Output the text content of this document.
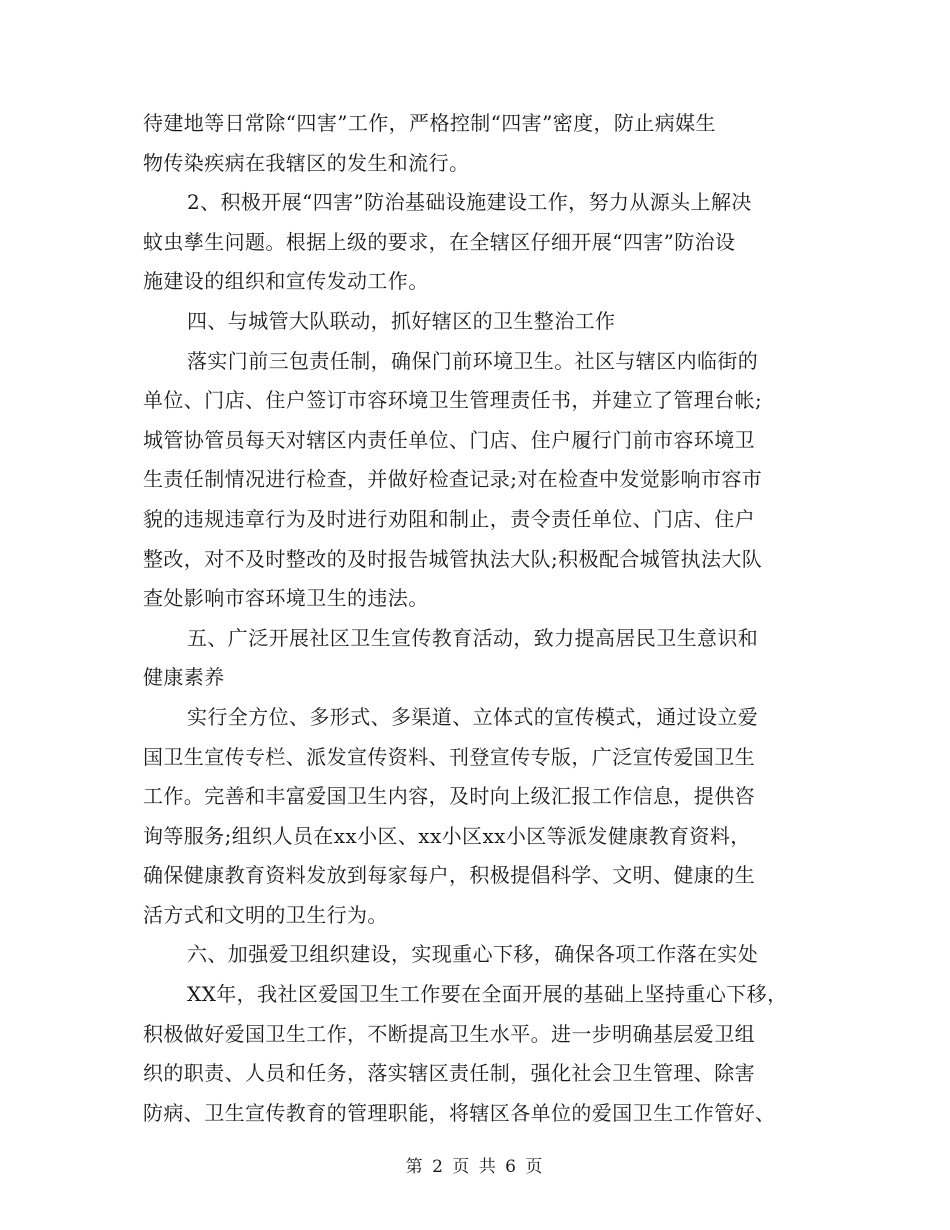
待建地等日常除“四害”工作，严格控制“四害”密度，防止病媒生
物传染疾病在我辖区的发生和流行。
2、积极开展“四害”防治基础设施建设工作，努力从源头上解决
蚊虫孳生问题。根据上级的要求，在全辖区仔细开展“四害”防治设
施建设的组织和宣传发动工作。
四、与城管大队联动，抓好辖区的卫生整治工作
落实门前三包责任制，确保门前环境卫生。社区与辖区内临街的
单位、门店、住户签订市容环境卫生管理责任书，并建立了管理台帐;
城管协管员每天对辖区内责任单位、门店、住户履行门前市容环境卫
生责任制情况进行检查，并做好检查记录;对在检查中发觉影响市容市
貌的违规违章行为及时进行劝阻和制止，责令责任单位、门店、住户
整改，对不及时整改的及时报告城管执法大队;积极配合城管执法大队
查处影响市容环境卫生的违法。
五、广泛开展社区卫生宣传教育活动，致力提高居民卫生意识和
健康素养
实行全方位、多形式、多渠道、立体式的宣传模式，通过设立爱
国卫生宣传专栏、派发宣传资料、刊登宣传专版，广泛宣传爱国卫生
工作。完善和丰富爱国卫生内容，及时向上级汇报工作信息，提供咨
询等服务;组织人员在xx小区、xx小区xx小区等派发健康教育资料，
确保健康教育资料发放到每家每户，积极提倡科学、文明、健康的生
活方式和文明的卫生行为。
六、加强爱卫组织建设，实现重心下移，确保各项工作落在实处
XX年，我社区爱国卫生工作要在全面开展的基础上坚持重心下移，
积极做好爱国卫生工作，不断提高卫生水平。进一步明确基层爱卫组
织的职责、人员和任务，落实辖区责任制，强化社会卫生管理、除害
防病、卫生宣传教育的管理职能，将辖区各单位的爱国卫生工作管好、
第 2 页 共 6 页
